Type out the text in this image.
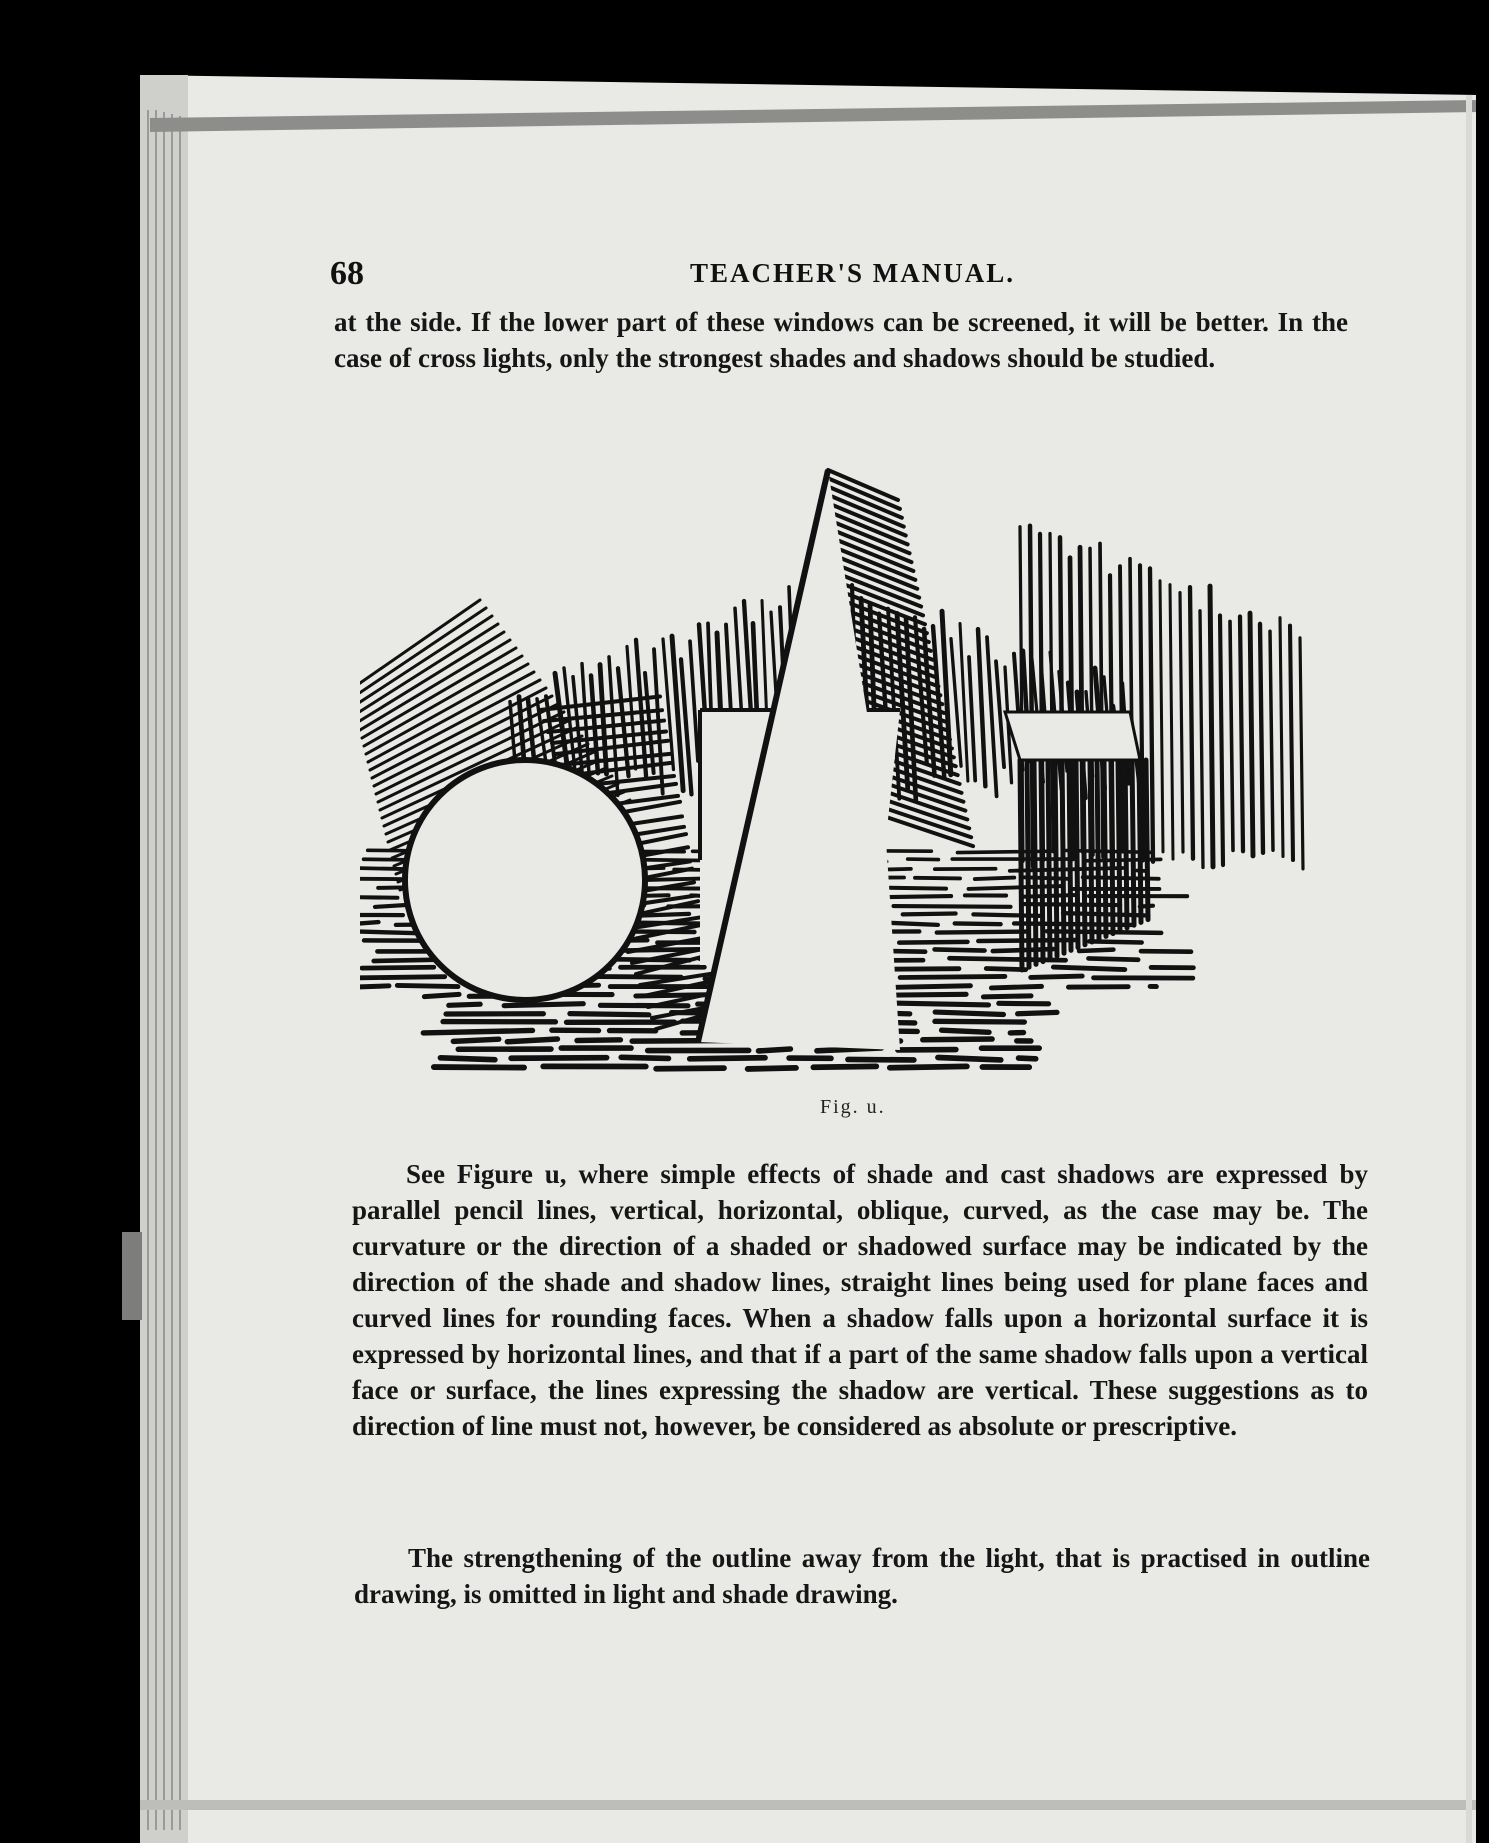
68	TEACHER'S MANUAL.

at the side. If the lower part of these windows can be screened, it will be better. In the case of cross lights, only the strongest shades and shadows should be studied.

Fig. u.

See Figure u, where simple effects of shade and cast shadows are expressed by parallel pencil lines, vertical, horizontal, oblique, curved, as the case may be. The curvature or the direction of a shaded or shadowed surface may be indicated by the direction of the shade and shadow lines, straight lines being used for plane faces and curved lines for rounding faces. When a shadow falls upon a horizontal surface it is expressed by horizontal lines, and that if a part of the same shadow falls upon a vertical face or surface, the lines expressing the shadow are vertical. These suggestions as to direction of line must not, however, be considered as absolute or prescriptive.

The strengthening of the outline away from the light, that is practised in outline drawing, is omitted in light and shade drawing.
